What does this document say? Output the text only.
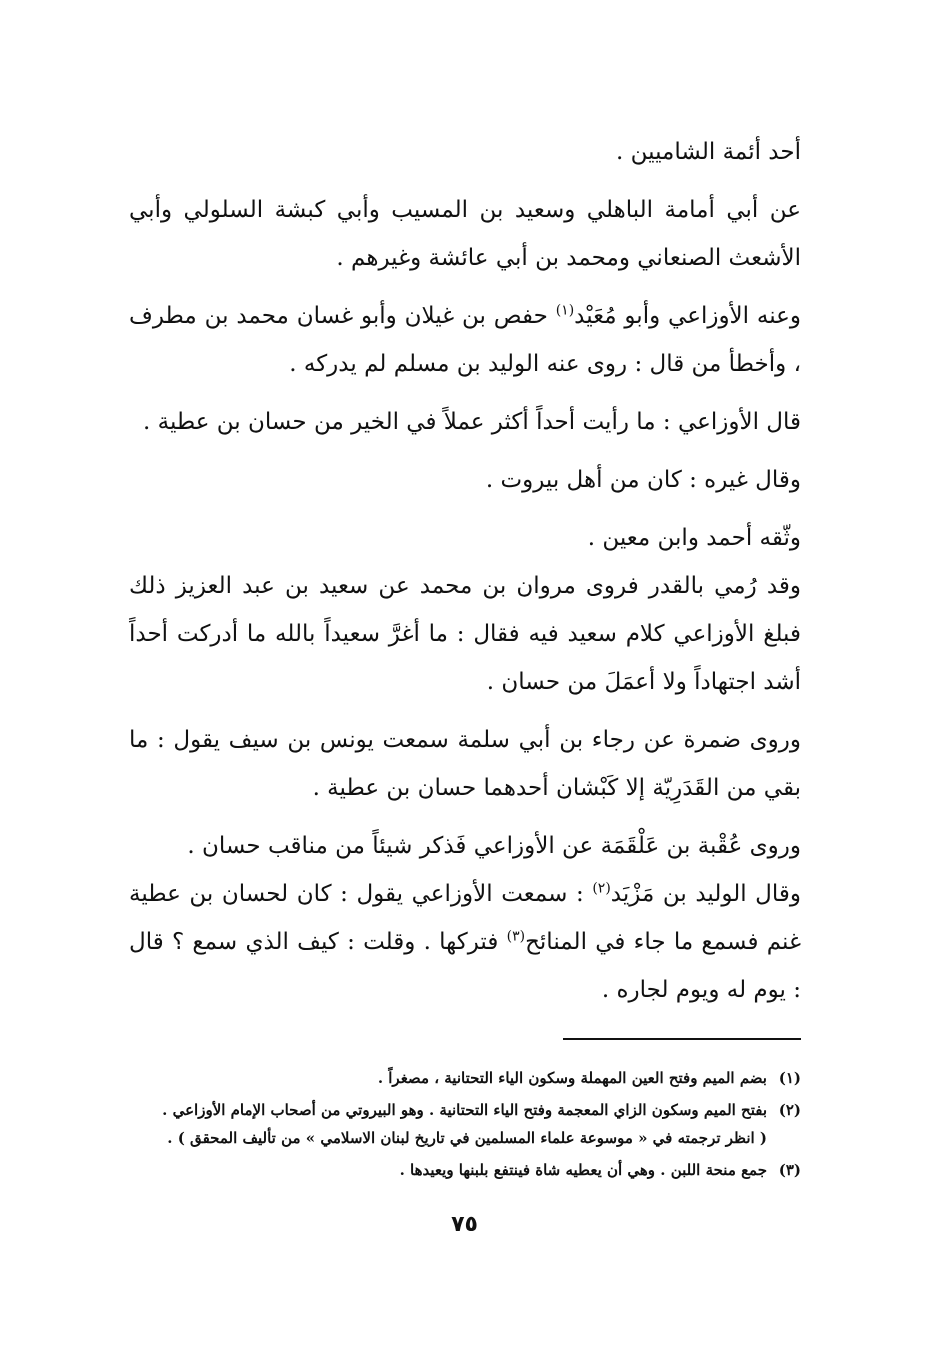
أحد أئمة الشاميين .

عن أبي أمامة الباهلي وسعيد بن المسيب وأبي كبشة السلولي وأبي الأشعث الصنعاني ومحمد بن أبي عائشة وغيرهم .

وعنه الأوزاعي وأبو مُعَيْد$^{(١)}$ حفص بن غيلان وأبو غسان محمد بن مطرف ، وأخطأ من قال : روى عنه الوليد بن مسلم لم يدركه .

قال الأوزاعي : ما رأيت أحداً أكثر عملاً في الخير من حسان بن عطية .

وقال غيره : كان من أهل بيروت .

وثّقه أحمد وابن معين .

وقد رُمي بالقدر فروى مروان بن محمد عن سعيد بن عبد العزيز ذلك فبلغ الأوزاعي كلام سعيد فيه فقال : ما أغرَّ سعيداً بالله ما أدركت أحداً أشد اجتهاداً ولا أعمَلَ من حسان .

وروى ضمرة عن رجاء بن أبي سلمة سمعت يونس بن سيف يقول : ما بقي من القَدَرِيّة إلا كَبْشان أحدهما حسان بن عطية .

وروى عُقْبة بن عَلْقَمَة عن الأوزاعي فَذكر شيئاً من مناقب حسان .

وقال الوليد بن مَزْيَد$^{(٢)}$ : سمعت الأوزاعي يقول : كان لحسان بن عطية غنم فسمع ما جاء في المنائح$^{(٣)}$ فتركها . وقلت : كيف الذي سمع ؟ قال : يوم له ويوم لجاره .

(١)
بضم الميم وفتح العين المهملة وسكون الياء التحتانية ، مصغراً .
(٢)
بفتح الميم وسكون الزاي المعجمة وفتح الياء التحتانية . وهو البيروتي من أصحاب الإمام الأوزاعي .
( انظر ترجمته في « موسوعة علماء المسلمين في تاريخ لبنان الاسلامي » من تأليف المحقق ) .
(٣)
جمع منحة اللبن . وهي أن يعطيه شاة فينتفع بلبنها ويعيدها .
٧٥
